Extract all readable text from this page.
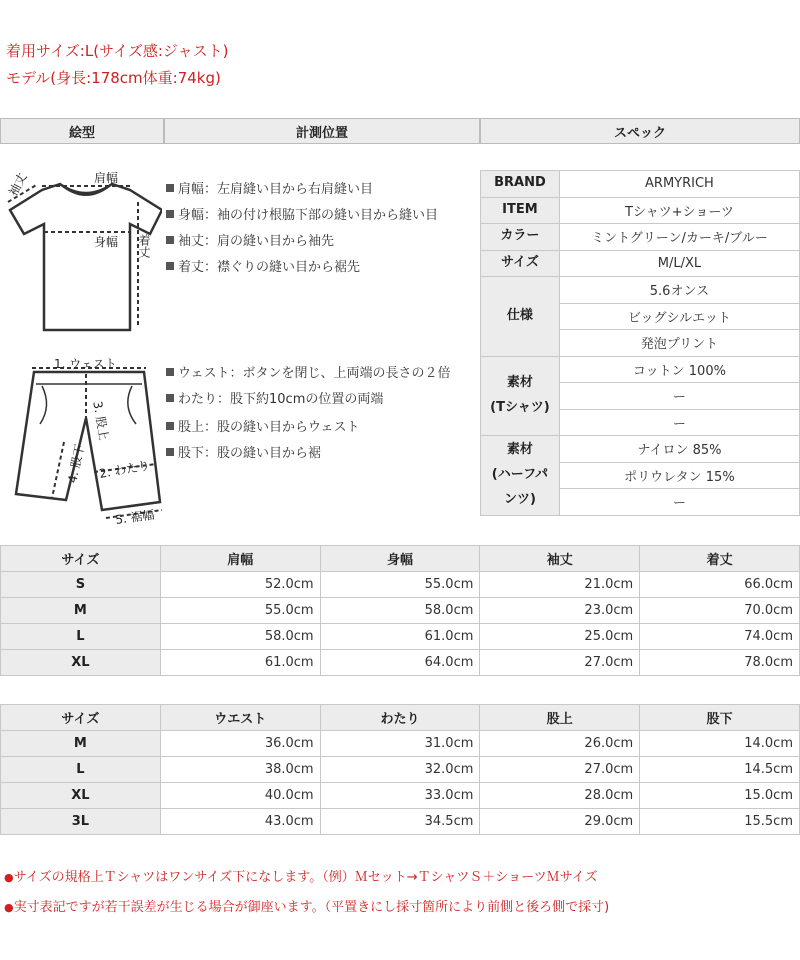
着用サイズ:L(サイズ感:ジャスト)
モデル(身長:178cm体重:74kg)
絵型	計測位置	スペック
肩幅
身幅
袖丈
着丈
肩幅：左肩縫い目から右肩縫い目
身幅：袖の付け根脇下部の縫い目から縫い目
袖丈：肩の縫い目から袖先
着丈：襟ぐりの縫い目から裾先
1. ウェスト
3. 股上
2. わたり
4. 股下
5. 裾幅
ウェスト：ボタンを閉じ、上両端の長さの２倍
わたり：股下約10cmの位置の両端
股上：股の縫い目からウェスト
股下：股の縫い目から裾
BRAND	ARMYRICH
ITEM	Tシャツ+ショーツ
カラー	ミントグリーン/カーキ/ブルー
サイズ	M/L/XL
仕様	5.6オンス
	ビッグシルエット
	発泡プリント
素材
(Tシャツ)	コットン 100%
	ー
	ー
素材
(ハーフパ
ンツ)	ナイロン 85%
	ポリウレタン 15%
	ー
サイズ	肩幅	身幅	袖丈	着丈
S	52.0cm	55.0cm	21.0cm	66.0cm
M	55.0cm	58.0cm	23.0cm	70.0cm
L	58.0cm	61.0cm	25.0cm	74.0cm
XL	61.0cm	64.0cm	27.0cm	78.0cm
サイズ	ウエスト	わたり	股上	股下
M	36.0cm	31.0cm	26.0cm	14.0cm
L	38.0cm	32.0cm	27.0cm	14.5cm
XL	40.0cm	33.0cm	28.0cm	15.0cm
3L	43.0cm	34.5cm	29.0cm	15.5cm
●サイズの規格上Ｔシャツはワンサイズ下になします。（例）Ｍセット→ＴシャツＳ＋ショーツＭサイズ
●実寸表記ですが若干誤差が生じる場合が御座います。（平置きにし採寸箇所により前側と後ろ側で採寸)
